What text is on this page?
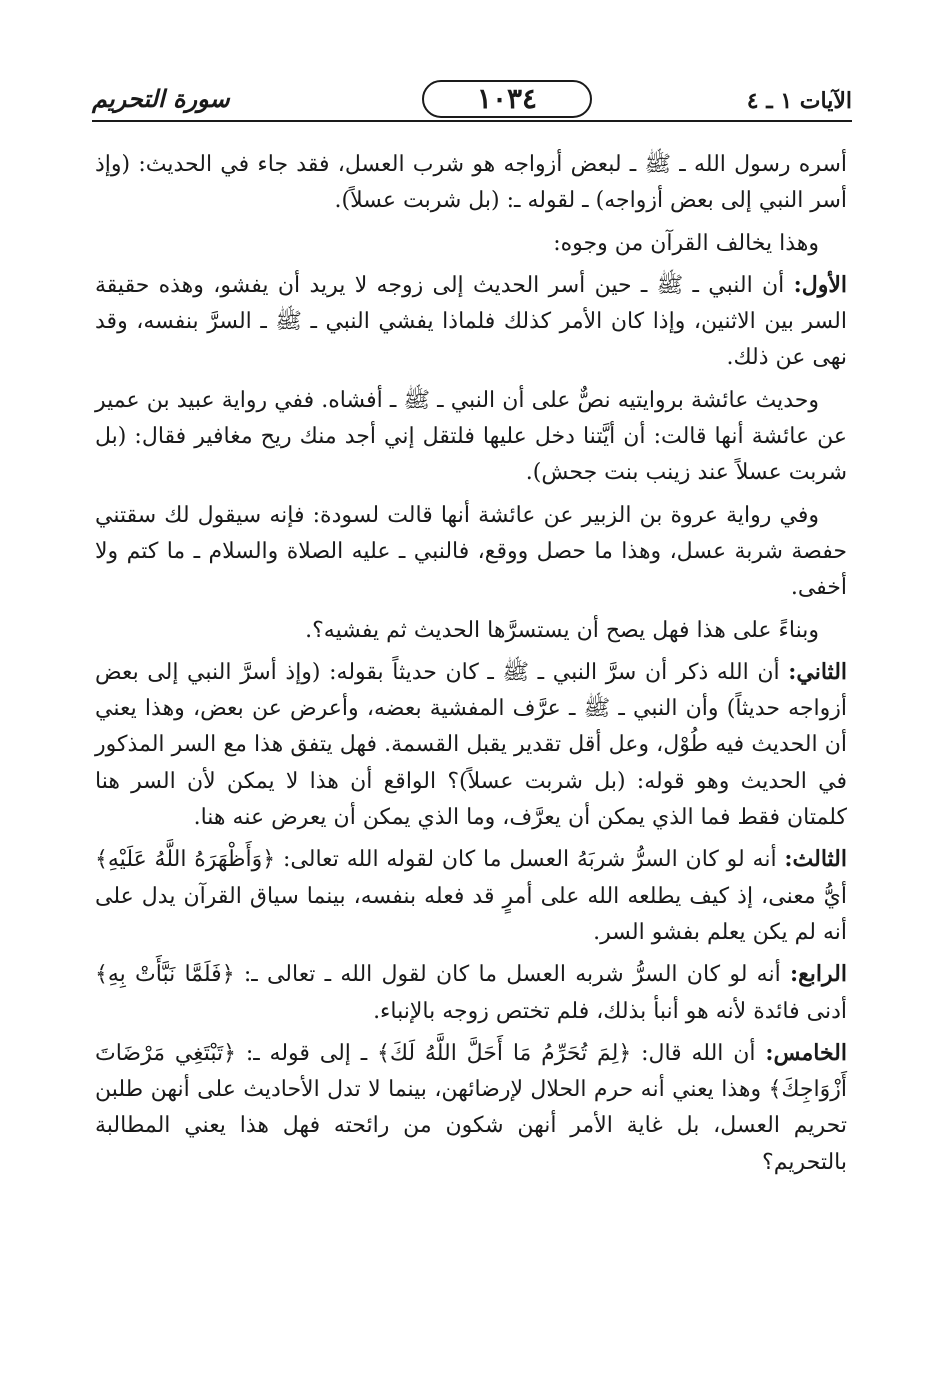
سورة التحريم	١٠٣٤	الآيات ١ ـ ٤

أسره رسول الله ـ ﷺ ـ لبعض أزواجه هو شرب العسل، فقد جاء في الحديث: (وإذ أسر النبي إلى بعض أزواجه) ـ لقوله ـ: (بل شربت عسلاً).

وهذا يخالف القرآن من وجوه:

الأول: أن النبي ـ ﷺ ـ حين أسر الحديث إلى زوجه لا يريد أن يفشو، وهذه حقيقة السر بين الاثنين، وإذا كان الأمر كذلك فلماذا يفشي النبي ـ ﷺ ـ السرَّ بنفسه، وقد نهى عن ذلك.

وحديث عائشة بروايتيه نصٌّ على أن النبي ـ ﷺ ـ أفشاه. ففي رواية عبيد بن عمير عن عائشة أنها قالت: أن أيَّتنا دخل عليها فلتقل إني أجد منك ريح مغافير فقال: (بل شربت عسلاً عند زينب بنت جحش).

وفي رواية عروة بن الزبير عن عائشة أنها قالت لسودة: فإنه سيقول لك سقتني حفصة شربة عسل، وهذا ما حصل ووقع، فالنبي ـ عليه الصلاة والسلام ـ ما كتم ولا أخفى.

وبناءً على هذا فهل يصح أن يستسرَّها الحديث ثم يفشيه؟.

الثاني: أن الله ذكر أن سرَّ النبي ـ ﷺ ـ كان حديثاً بقوله: (وإذ أسرَّ النبي إلى بعض أزواجه حديثاً) وأن النبي ـ ﷺ ـ عرَّف المفشية بعضه، وأعرض عن بعض، وهذا يعني أن الحديث فيه طُوْل، وعل أقل تقدير يقبل القسمة. فهل يتفق هذا مع السر المذكور في الحديث وهو قوله: (بل شربت عسلاً)؟ الواقع أن هذا لا يمكن لأن السر هنا كلمتان فقط فما الذي يمكن أن يعرَّف، وما الذي يمكن أن يعرض عنه هنا.

الثالث: أنه لو كان السرُّ شربَهُ العسل ما كان لقوله الله تعالى: ﴿وَأَظْهَرَهُ اللَّهُ عَلَيْهِ﴾ أيُّ معنى، إذ كيف يطلعه الله على أمرٍ قد فعله بنفسه، بينما سياق القرآن يدل على أنه لم يكن يعلم بفشو السر.

الرابع: أنه لو كان السرُّ شربه العسل ما كان لقول الله ـ تعالى ـ: ﴿فَلَمَّا نَبَّأَتْ بِهِ﴾ أدنى فائدة لأنه هو أنبأ بذلك، فلم تختص زوجه بالإنباء.

الخامس: أن الله قال: ﴿لِمَ تُحَرِّمُ مَا أَحَلَّ اللَّهُ لَكَ﴾ ـ إلى قوله ـ: ﴿تَبْتَغِي مَرْضَاتَ أَزْوَاجِكَ﴾ وهذا يعني أنه حرم الحلال لإرضائهن، بينما لا تدل الأحاديث على أنهن طلبن تحريم العسل، بل غاية الأمر أنهن شكون من رائحته فهل هذا يعني المطالبة بالتحريم؟
